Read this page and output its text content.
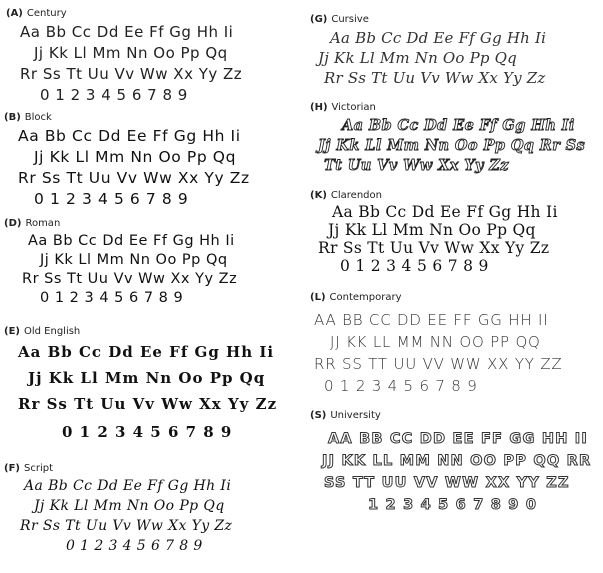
(A) Century
Aa Bb Cc Dd Ee Ff Gg Hh Ii
Jj Kk Ll Mm Nn Oo Pp Qq
Rr Ss Tt Uu Vv Ww Xx Yy Zz
0 1 2 3 4 5 6 7 8 9
(B) Block
Aa Bb Cc Dd Ee Ff Gg Hh Ii
Jj Kk Ll Mm Nn Oo Pp Qq
Rr Ss Tt Uu Vv Ww Xx Yy Zz
0 1 2 3 4 5 6 7 8 9
(D) Roman
Aa Bb Cc Dd Ee Ff Gg Hh Ii
Jj Kk Ll Mm Nn Oo Pp Qq
Rr Ss Tt Uu Vv Ww Xx Yy Zz
0 1 2 3 4 5 6 7 8 9
(E) Old English
Aa Bb Cc Dd Ee Ff Gg Hh Ii
Jj Kk Ll Mm Nn Oo Pp Qq
Rr Ss Tt Uu Vv Ww Xx Yy Zz
0 1 2 3 4 5 6 7 8 9
(F) Script
Aa Bb Cc Dd Ee Ff Gg Hh Ii
Jj Kk Ll Mm Nn Oo Pp Qq
Rr Ss Tt Uu Vv Ww Xx Yy Zz
0 1 2 3 4 5 6 7 8 9
(G) Cursive
Aa Bb Cc Dd Ee Ff Gg Hh Ii
Jj Kk Ll Mm Nn Oo Pp Qq
Rr Ss Tt Uu Vv Ww Xx Yy Zz
(H) Victorian
Aa Bb Cc Dd Ee Ff Gg Hh Ii
Jj Kk Ll Mm Nn Oo Pp Qq Rr Ss
Tt Uu Vv Ww Xx Yy Zz
(K) Clarendon
Aa Bb Cc Dd Ee Ff Gg Hh Ii
Jj Kk Ll Mm Nn Oo Pp Qq
Rr Ss Tt Uu Vv Ww Xx Yy Zz
0 1 2 3 4 5 6 7 8 9
(L) Contemporary
AA BB CC DD EE FF GG HH II
JJ KK LL MM NN OO PP QQ
RR SS TT UU VV WW XX YY ZZ
0 1 2 3 4 5 6 7 8 9
(S) University
AA BB CC DD EE FF GG HH II
JJ KK LL MM NN OO PP QQ RR
SS TT UU VV WW XX YY ZZ
1 2 3 4 5 6 7 8 9 0
